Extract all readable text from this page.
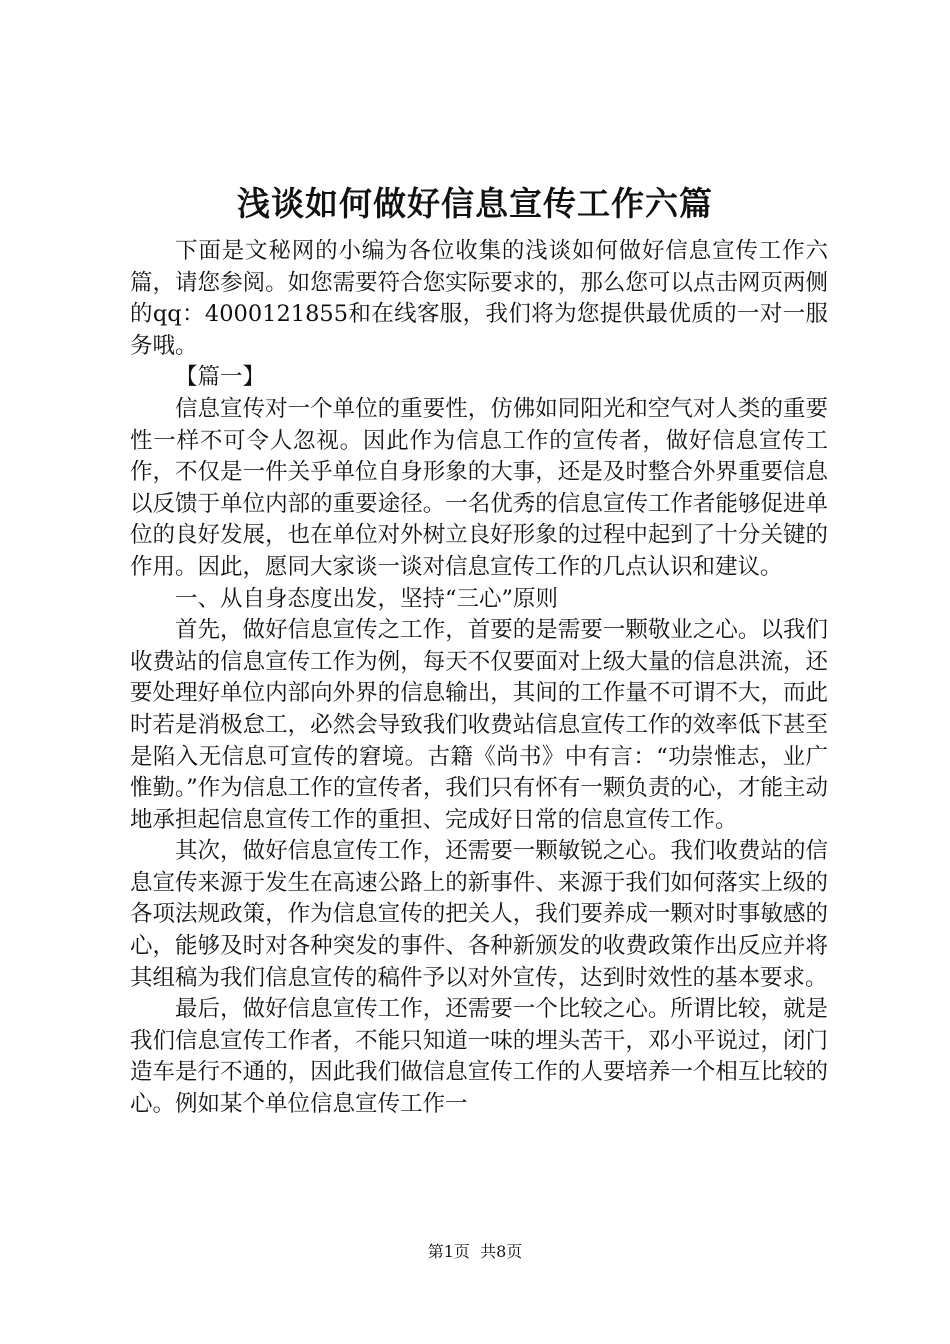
浅谈如何做好信息宣传工作六篇

下面是文秘网的小编为各位收集的浅谈如何做好信息宣传工作六篇，请您参阅。如您需要符合您实际要求的，那么您可以点击网页两侧的qq：4000121855和在线客服，我们将为您提供最优质的一对一服务哦。

【篇一】

信息宣传对一个单位的重要性，仿佛如同阳光和空气对人类的重要性一样不可令人忽视。因此作为信息工作的宣传者，做好信息宣传工作，不仅是一件关乎单位自身形象的大事，还是及时整合外界重要信息以反馈于单位内部的重要途径。一名优秀的信息宣传工作者能够促进单位的良好发展，也在单位对外树立良好形象的过程中起到了十分关键的作用。因此，愿同大家谈一谈对信息宣传工作的几点认识和建议。

一、从自身态度出发，坚持“三心”原则

首先，做好信息宣传之工作，首要的是需要一颗敬业之心。以我们收费站的信息宣传工作为例，每天不仅要面对上级大量的信息洪流，还要处理好单位内部向外界的信息输出，其间的工作量不可谓不大，而此时若是消极怠工，必然会导致我们收费站信息宣传工作的效率低下甚至是陷入无信息可宣传的窘境。古籍《尚书》中有言：“功崇惟志，业广惟勤。”作为信息工作的宣传者，我们只有怀有一颗负责的心，才能主动地承担起信息宣传工作的重担、完成好日常的信息宣传工作。

其次，做好信息宣传工作，还需要一颗敏锐之心。我们收费站的信息宣传来源于发生在高速公路上的新事件、来源于我们如何落实上级的各项法规政策，作为信息宣传的把关人，我们要养成一颗对时事敏感的心，能够及时对各种突发的事件、各种新颁发的收费政策作出反应并将其组稿为我们信息宣传的稿件予以对外宣传，达到时效性的基本要求。

最后，做好信息宣传工作，还需要一个比较之心。所谓比较，就是我们信息宣传工作者，不能只知道一味的埋头苦干，邓小平说过，闭门造车是行不通的，因此我们做信息宣传工作的人要培养一个相互比较的心。例如某个单位信息宣传工作一

第1页  共8页
